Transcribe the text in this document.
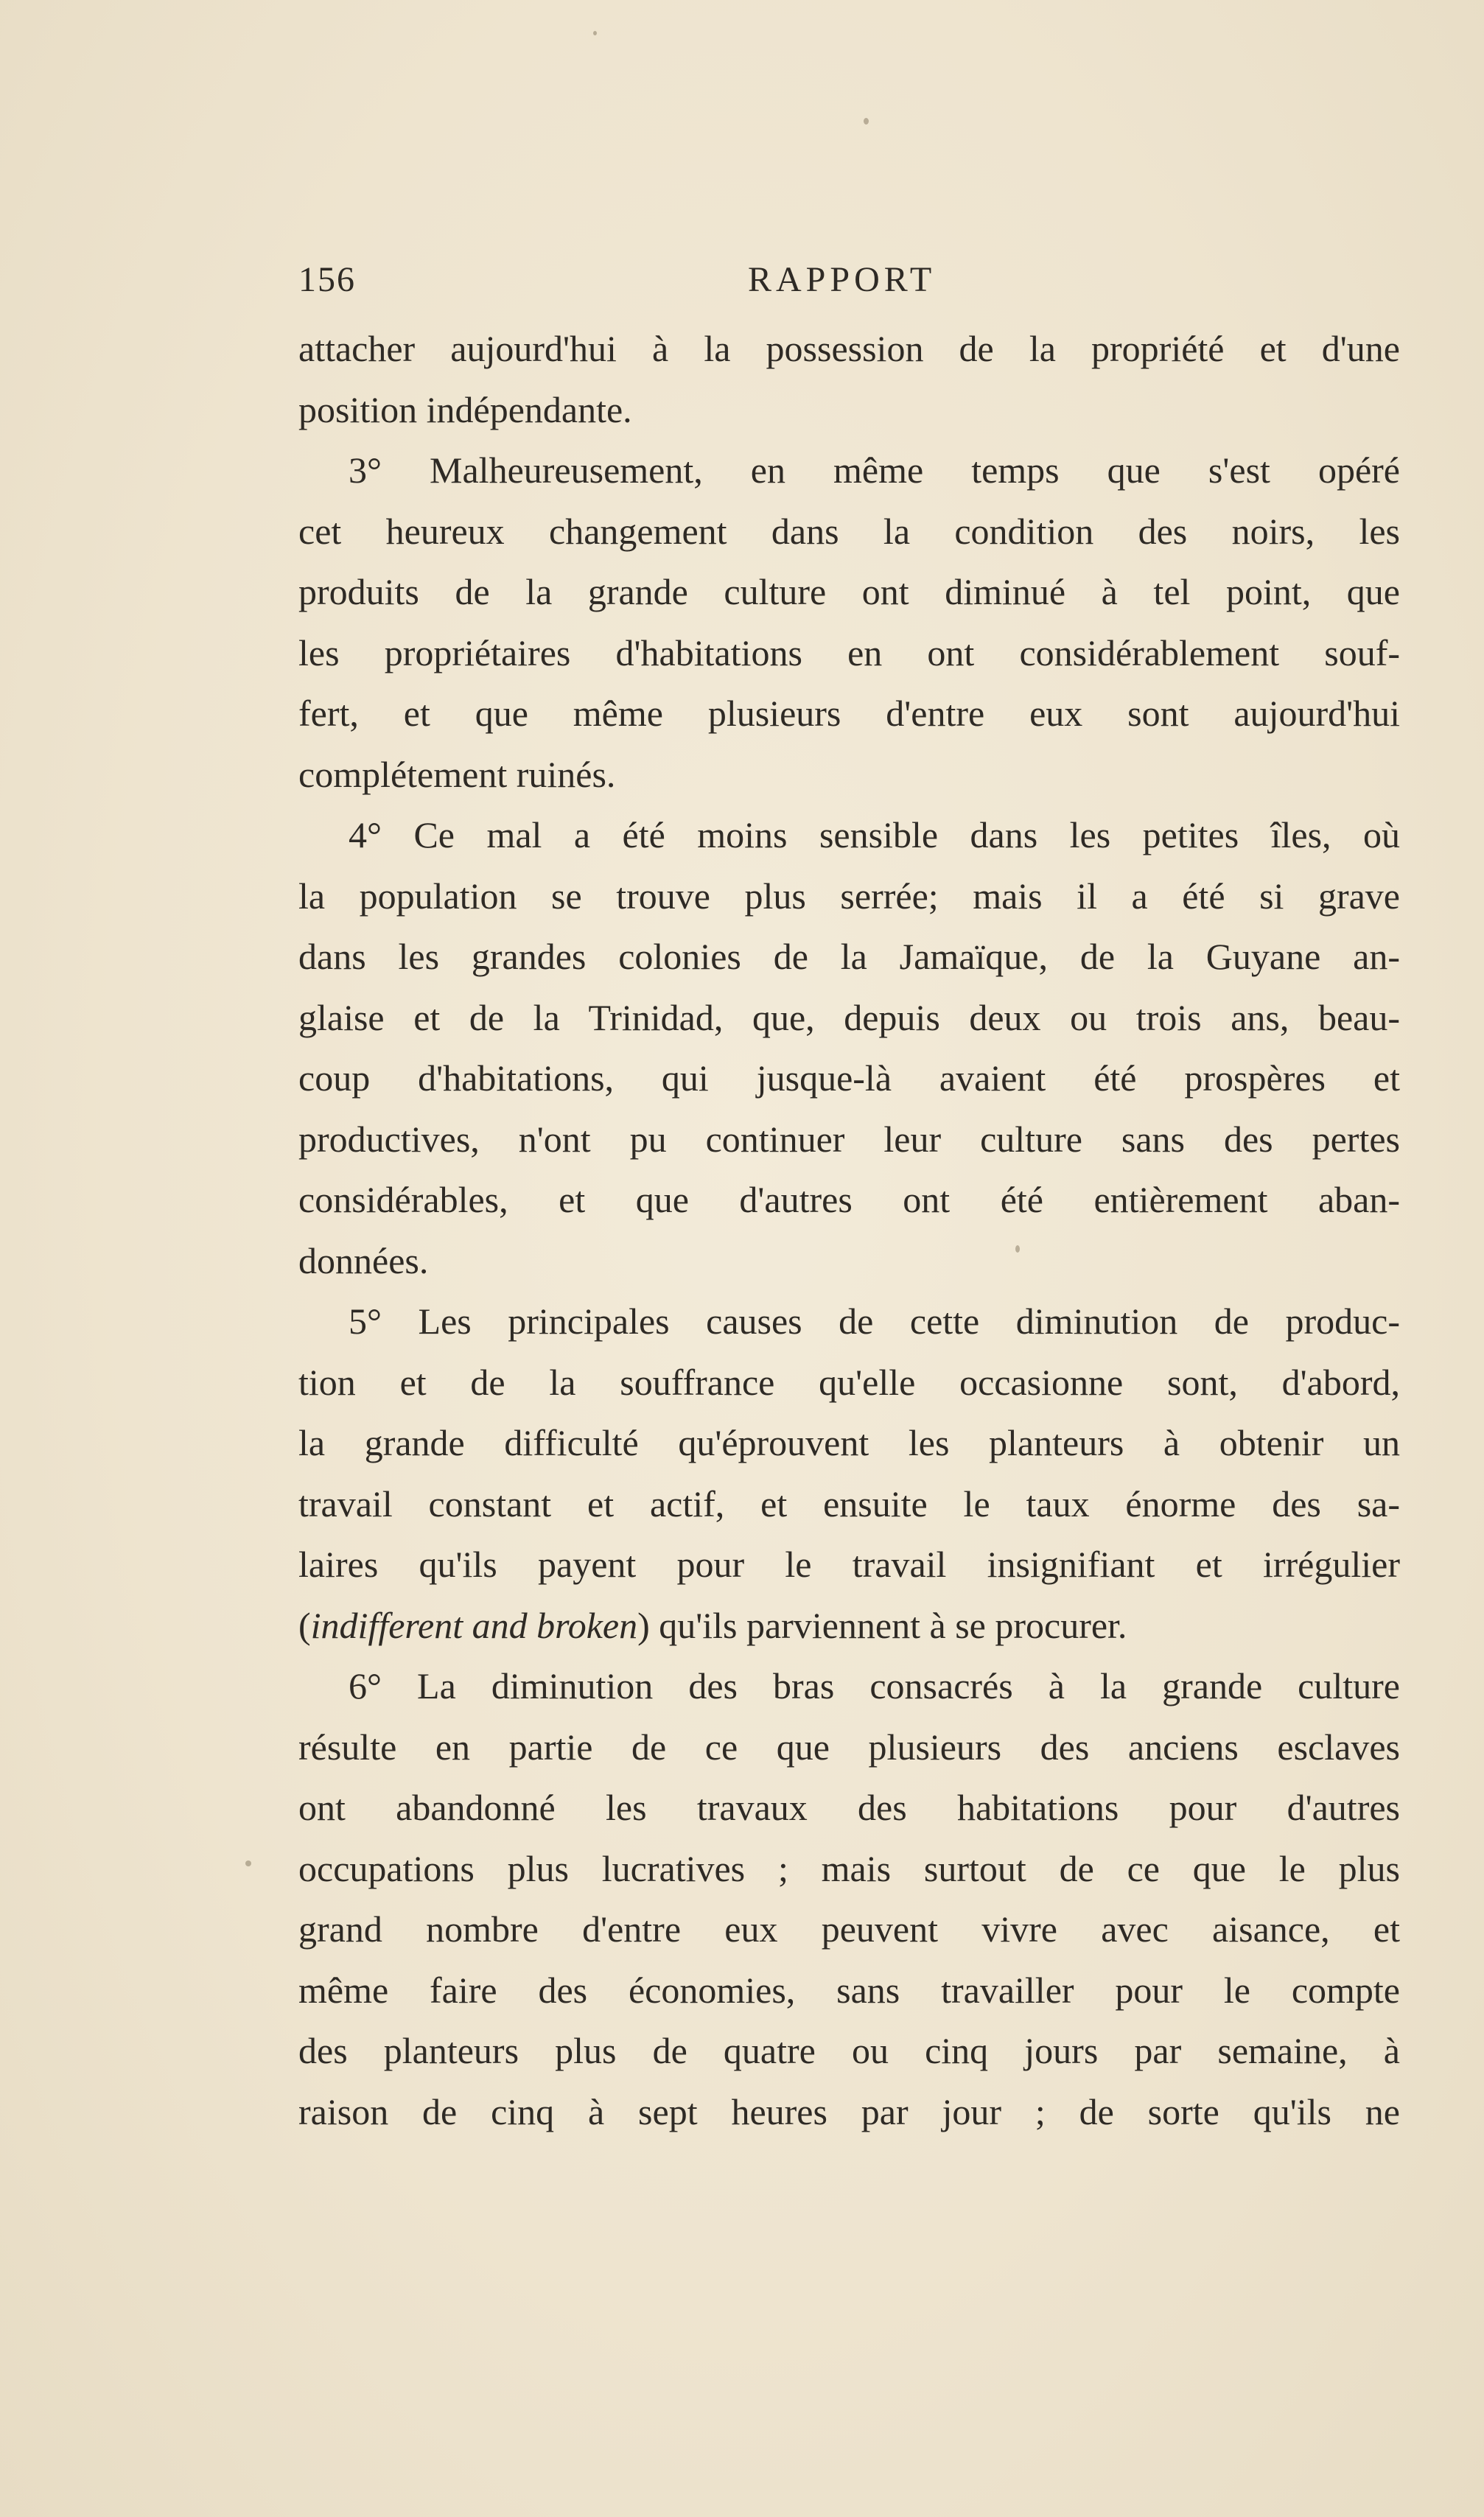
156	RAPPORT
attacher aujourd'hui à la possession de la propriété et d'une
position indépendante.
3° Malheureusement, en même temps que s'est opéré
cet heureux changement dans la condition des noirs, les
produits de la grande culture ont diminué à tel point, que
les propriétaires d'habitations en ont considérablement souf-
fert, et que même plusieurs d'entre eux sont aujourd'hui
complétement ruinés.
4° Ce mal a été moins sensible dans les petites îles, où
la population se trouve plus serrée; mais il a été si grave
dans les grandes colonies de la Jamaïque, de la Guyane an-
glaise et de la Trinidad, que, depuis deux ou trois ans, beau-
coup d'habitations, qui jusque-là avaient été prospères et
productives, n'ont pu continuer leur culture sans des pertes
considérables, et que d'autres ont été entièrement aban-
données.
5° Les principales causes de cette diminution de produc-
tion et de la souffrance qu'elle occasionne sont, d'abord,
la grande difficulté qu'éprouvent les planteurs à obtenir un
travail constant et actif, et ensuite le taux énorme des sa-
laires qu'ils payent pour le travail insignifiant et irrégulier
(indifferent and broken) qu'ils parviennent à se procurer.
6° La diminution des bras consacrés à la grande culture
résulte en partie de ce que plusieurs des anciens esclaves
ont abandonné les travaux des habitations pour d'autres
occupations plus lucratives ; mais surtout de ce que le plus
grand nombre d'entre eux peuvent vivre avec aisance, et
même faire des économies, sans travailler pour le compte
des planteurs plus de quatre ou cinq jours par semaine, à
raison de cinq à sept heures par jour ; de sorte qu'ils ne
